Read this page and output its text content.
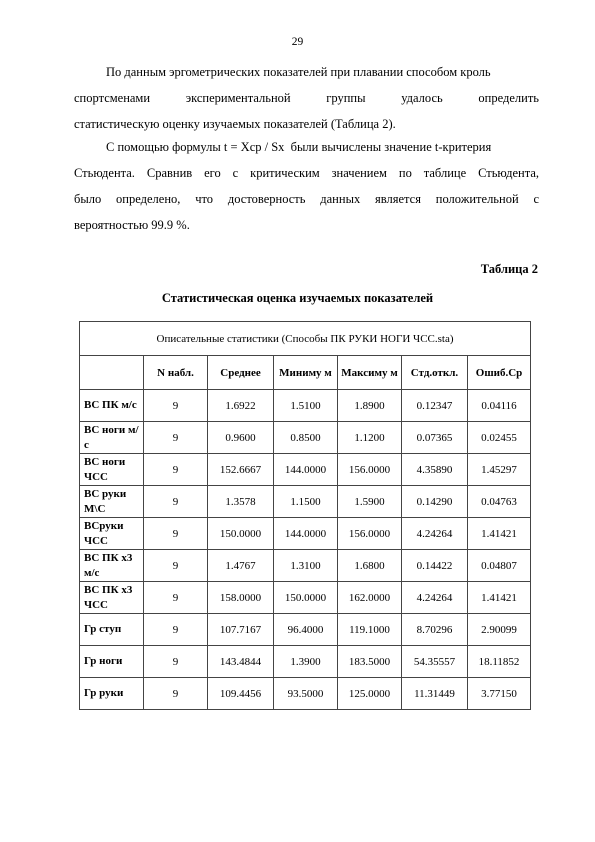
29
По данным эргометрических показателей при плавании способом кроль
спортсменами	экспериментальной	группы	удалось	определить
статистическую оценку изучаемых показателей (Таблица 2).
С помощью формулы t = Хср / Sx  были вычислены значение t-критерия
Стьюдента. Сравнив его с критическим значением по таблице Стьюдента,
было определено, что достоверность данных является положительной с
вероятностью 99.9 %.
Таблица 2
Статистическая оценка изучаемых показателей
Описательные статистики (Способы ПК РУКИ НОГИ ЧСС.sta)						
	N набл.	Среднее	Миниму м	Максиму м	Стд.откл.	Ошиб.Ср
ВС ПК м/с	9	1.6922	1.5100	1.8900	0.12347	0.04116
ВС ноги м/с	9	0.9600	0.8500	1.1200	0.07365	0.02455
ВС ноги ЧСС	9	152.6667	144.0000	156.0000	4.35890	1.45297
ВС руки М\С	9	1.3578	1.1500	1.5900	0.14290	0.04763
ВСруки ЧСС	9	150.0000	144.0000	156.0000	4.24264	1.41421
ВС ПК х3 м/с	9	1.4767	1.3100	1.6800	0.14422	0.04807
ВС ПК х3 ЧСС	9	158.0000	150.0000	162.0000	4.24264	1.41421
Гр ступ	9	107.7167	96.4000	119.1000	8.70296	2.90099
Гр ноги	9	143.4844	1.3900	183.5000	54.35557	18.11852
Гр руки	9	109.4456	93.5000	125.0000	11.31449	3.77150
